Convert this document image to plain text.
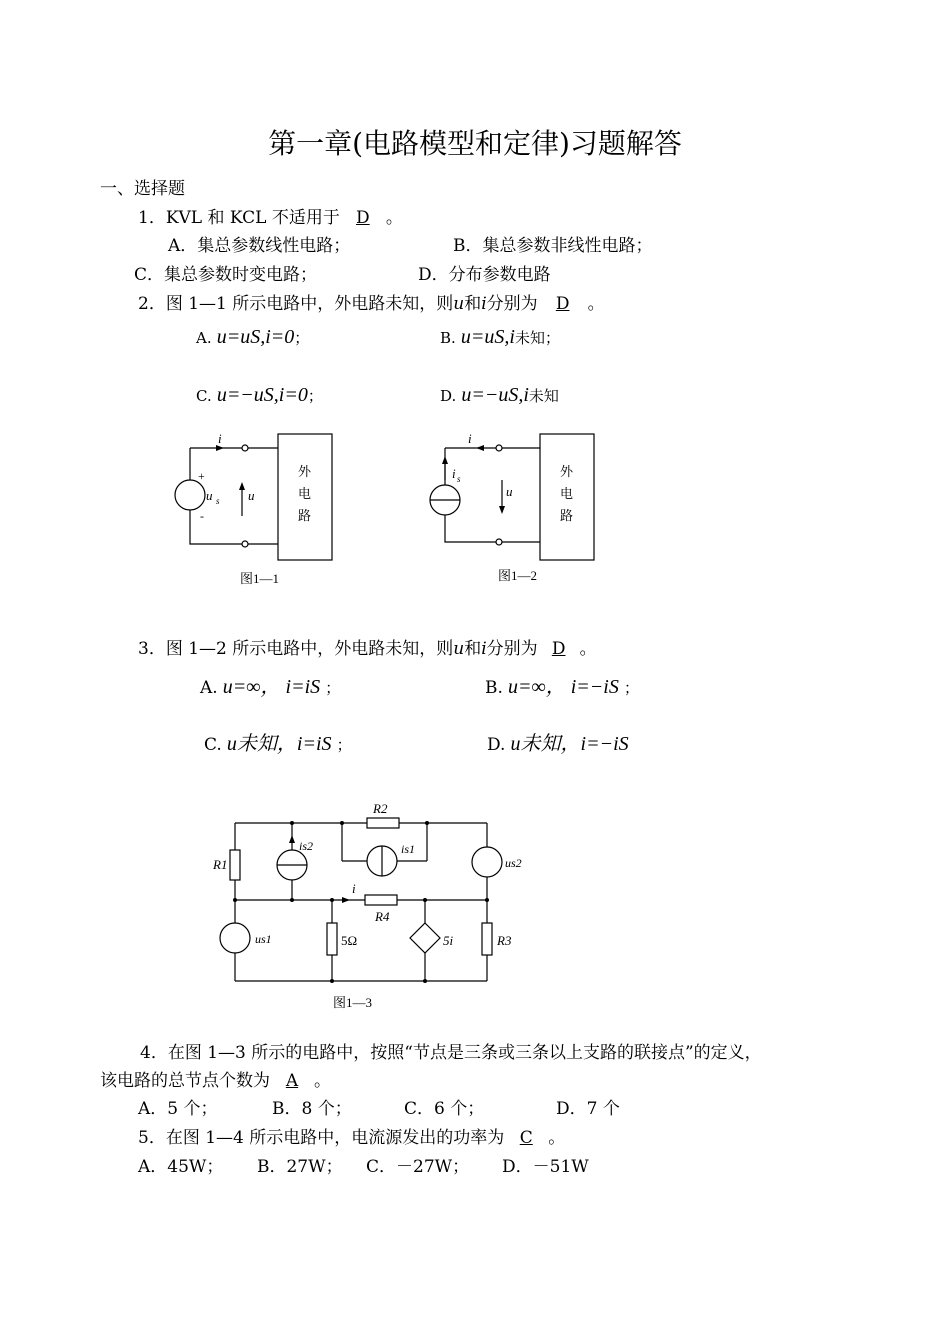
第一章(电路模型和定律)习题解答
一、选择题
1．KVL 和 KCL 不适用于 D 。
A．集总参数线性电路；	B．集总参数非线性电路；
C．集总参数时变电路；	D．分布参数电路
2．图 1—1 所示电路中，外电路未知，则u和i分别为 D 。
A. u=uS,i=0；	B. u=uS,i未知；
C. u=−uS,i=0；	D. u=−uS,i未知
i
u
u s
+
-
外
电
路
图1—1
i
u
i s	外
电
路
图1—2
3．图 1—2 所示电路中，外电路未知，则u和i分别为 D 。
A. u=∞， i=iS ；	B. u=∞， i=−iS ；
C. u未知，i=iS ；	D. u未知，i=−iS
R1
R2
R3
R4
is1
is2
us1
us2
5Ω	5i
i
图1—3
4．在图 1—3 所示的电路中，按照“节点是三条或三条以上支路的联接点”的定义，
该电路的总节点个数为 A 。
A．5 个；	B．8 个；	C．6 个；	D．7 个
5．在图 1—4 所示电路中，电流源发出的功率为 C 。
A．45W； B．27W； C．－27W； D．－51W
